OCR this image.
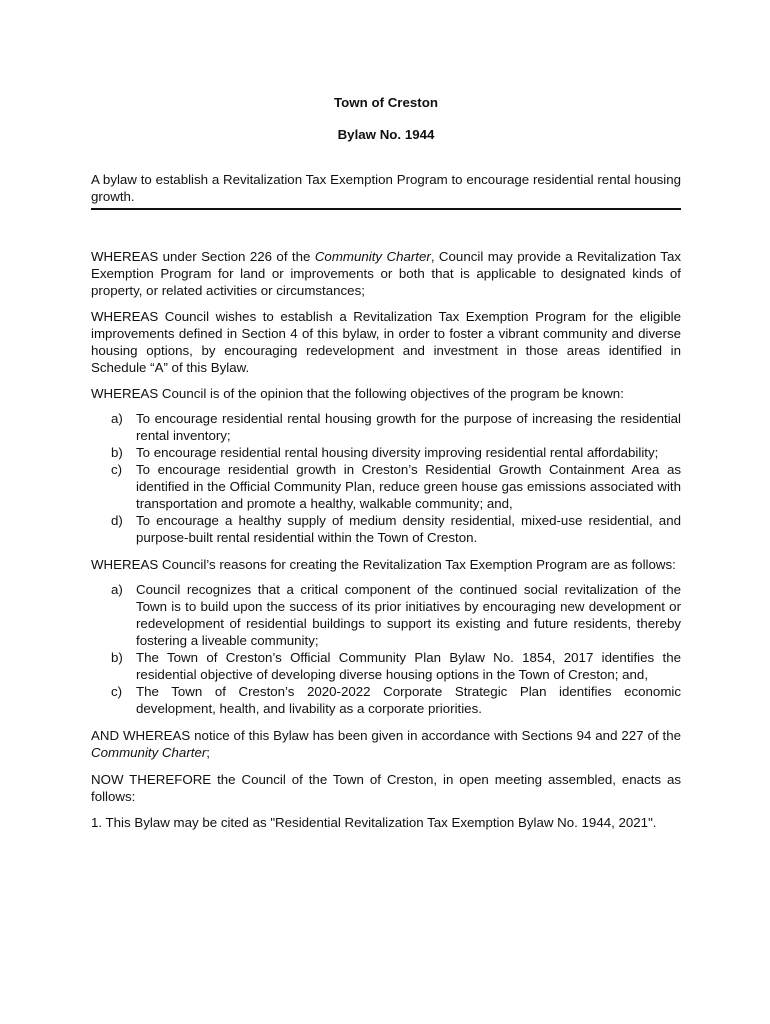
Town of Creston
Bylaw No. 1944

A bylaw to establish a Revitalization Tax Exemption Program to encourage residential rental housing growth.

WHEREAS under Section 226 of the Community Charter, Council may provide a Revitalization Tax Exemption Program for land or improvements or both that is applicable to designated kinds of property, or related activities or circumstances;

WHEREAS Council wishes to establish a Revitalization Tax Exemption Program for the eligible improvements defined in Section 4 of this bylaw, in order to foster a vibrant community and diverse housing options, by encouraging redevelopment and investment in those areas identified in Schedule “A” of this Bylaw.

WHEREAS Council is of the opinion that the following objectives of the program be known:

a) To encourage residential rental housing growth for the purpose of increasing the residential rental inventory;
b) To encourage residential rental housing diversity improving residential rental affordability;
c) To encourage residential growth in Creston’s Residential Growth Containment Area as identified in the Official Community Plan, reduce green house gas emissions associated with transportation and promote a healthy, walkable community; and,
d) To encourage a healthy supply of medium density residential, mixed-use residential, and purpose-built rental residential within the Town of Creston.

WHEREAS Council’s reasons for creating the Revitalization Tax Exemption Program are as follows:

a) Council recognizes that a critical component of the continued social revitalization of the Town is to build upon the success of its prior initiatives by encouraging new development or redevelopment of residential buildings to support its existing and future residents, thereby fostering a liveable community;
b) The Town of Creston’s Official Community Plan Bylaw No. 1854, 2017 identifies the residential objective of developing diverse housing options in the Town of Creston; and,
c) The Town of Creston’s 2020-2022 Corporate Strategic Plan identifies economic development, health, and livability as a corporate priorities.

AND WHEREAS notice of this Bylaw has been given in accordance with Sections 94 and 227 of the Community Charter;

NOW THEREFORE the Council of the Town of Creston, in open meeting assembled, enacts as follows:

1. This Bylaw may be cited as "Residential Revitalization Tax Exemption Bylaw No. 1944, 2021".
